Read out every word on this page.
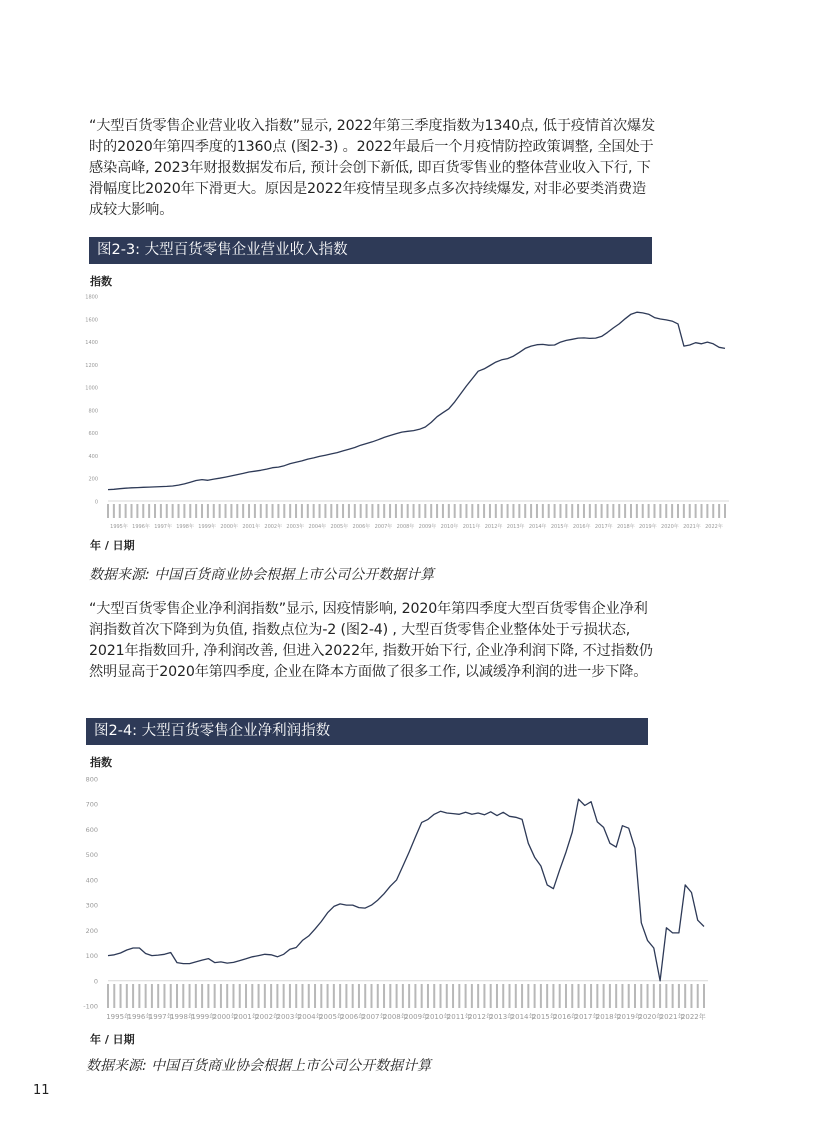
“大型百货零售企业营业收入指数”显示, 2022年第三季度指数为1340点, 低于疫情首次爆发时的2020年第四季度的1360点 (图2-3) 。2022年最后一个月疫情防控政策调整, 全国处于感染高峰, 2023年财报数据发布后, 预计会创下新低, 即百货零售业的整体营业收入下行, 下滑幅度比2020年下滑更大。原因是2022年疫情呈现多点多次持续爆发, 对非必要类消费造成较大影响。
图2-3: 大型百货零售企业营业收入指数
指数
0
200
400
600
800
1000
1200
1400
1600
1800
1995年 1996年 1997年 1998年 1999年 2000年 2001年 2002年 2003年 2004年 2005年 2006年 2007年 2008年 2009年 2010年 2011年 2012年 2013年 2014年 2015年 2016年 2017年 2018年 2019年 2020年 2021年 2022年
年 / 日期
数据来源: 中国百货商业协会根据上市公司公开数据计算
“大型百货零售企业净利润指数”显示, 因疫情影响, 2020年第四季度大型百货零售企业净利润指数首次下降到为负值, 指数点位为-2 (图2-4) , 大型百货零售企业整体处于亏损状态, 2021年指数回升, 净利润改善, 但进入2022年, 指数开始下行, 企业净利润下降, 不过指数仍然明显高于2020年第四季度, 企业在降本方面做了很多工作, 以减缓净利润的进一步下降。
图2-4: 大型百货零售企业净利润指数
指数
-100
0
100
200
300
400
500
600
700
800
1995年
1996年
1997年
1998年
1999年
2000年
2001年
2002年
2003年
2004年
2005年
2006年
2007年
2008年
2009年
2010年
2011年
2012年
2013年
2014年
2015年
2016年
2017年
2018年
2019年
2020年
2021年
2022年
年 / 日期
数据来源: 中国百货商业协会根据上市公司公开数据计算
11
